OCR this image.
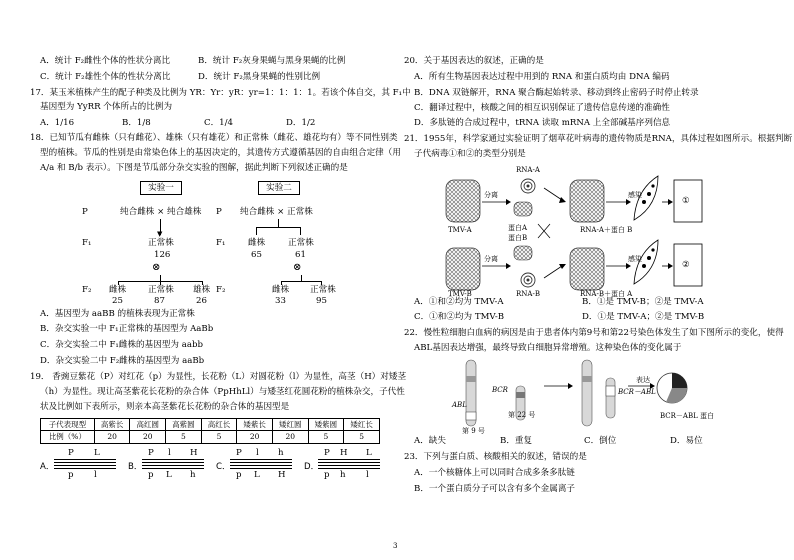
A．统计 F₂雌性个体的性状分离比	B．统计 F₂灰身果蝇与黑身果蝇的比例
C．统计 F₂雄性个体的性状分离比	D．统计 F₂黑身果蝇的性别比例
17．某玉米植株产生的配子种类及比例为 YR：Yr：yR：yr=1：1：1：1。若该个体自交，其 F₁中
基因型为 YyRR 个体所占的比例为
A．1/16	B．1/8	C．1/4	D．1/2
18．已知节瓜有雌株（只有雌花）、雄株（只有雄花）和正常株（雌花、雄花均有）等不同性别类
型的植株。节瓜的性别是由常染色体上的基因决定的，其遗传方式遵循基因的自由组合定律（用
A/a 和 B/b 表示）。下图是节瓜部分杂交实验的图解，据此判断下列叙述正确的是
实验一
P	纯合雌株 × 纯合雄株
▼
F₁	正常株
126
⊗
F₂ 雌株	正常株 雄株
25	87	26
实验二
P 纯合雌株 × 正常株
F₁	雌株	正常株
65	61
⊗
F₂	雌株 正常株
33	95
A．基因型为 aaBB 的植株表现为正常株
B．杂交实验一中 F₁正常株的基因型为 AaBb
C．杂交实验二中 F₁雌株的基因型为 aabb
D．杂交实验二中 F₂雌株的基因型为 aaBb
19． 香豌豆紫花（P）对红花（p）为显性，长花粉（L）对圆花粉（l）为显性，高茎（H）对矮茎
（h）为显性。现让高茎紫花长花粉的杂合体（PpHhLl）与矮茎红花圆花粉的植株杂交，子代性
状及比例如下表所示，则亲本高茎紫花长花粉的杂合体的基因型是
子代表现型	高紫长	高红圆	高紫圆	高红长	矮紫长	矮红圆	矮紫圆	矮红长
比例（%）	20	20	5	5	20	20	5	5
A．
P L
p l
B．
P l H
p L h
C．
P l h
p L H
D．
P H L
p h l
20．关于基因表达的叙述，正确的是
A．所有生物基因表达过程中用到的 RNA 和蛋白质均由 DNA 编码
B．DNA 双链解开，RNA 聚合酶起始转录、移动到终止密码子时停止转录
C．翻译过程中，核酸之间的相互识别保证了遗传信息传递的准确性
D．多肽链的合成过程中，tRNA 读取 mRNA 上全部碱基序列信息
21．1955年，科学家通过实验证明了烟草花叶病毒的遗传物质是RNA，具体过程如图所示。根据判断
子代病毒①和②的类型分别是
RNA-A
分离	感染
TMV-A	蛋白A
蛋白B
RNA-A＋蛋白 B
①
分离	感染
TMV-B	RNA-B	RNA-B＋蛋白 A
②
A．①和②均为 TMV-A	B．①是 TMV-B；②是 TMV-A
C．①和②均为 TMV-B	D．①是 TMV-A；②是 TMV-B
22．慢性粒细胞白血病的病因是由于患者体内第9号和第22号染色体发生了如下图所示的变化，使得
ABL基因表达增强，最终导致白细胞异常增殖。这种染色体的变化属于
ABL
BCR
第 22 号
第 9 号
BCR－ABL
表达
BCR－ABL 蛋白
A．缺失	B．重复	C．倒位	D．易位
23．下列与蛋白质、核酸相关的叙述，错误的是
A．一个核糖体上可以同时合成多条多肽链
B．一个蛋白质分子可以含有多个金属离子
3
